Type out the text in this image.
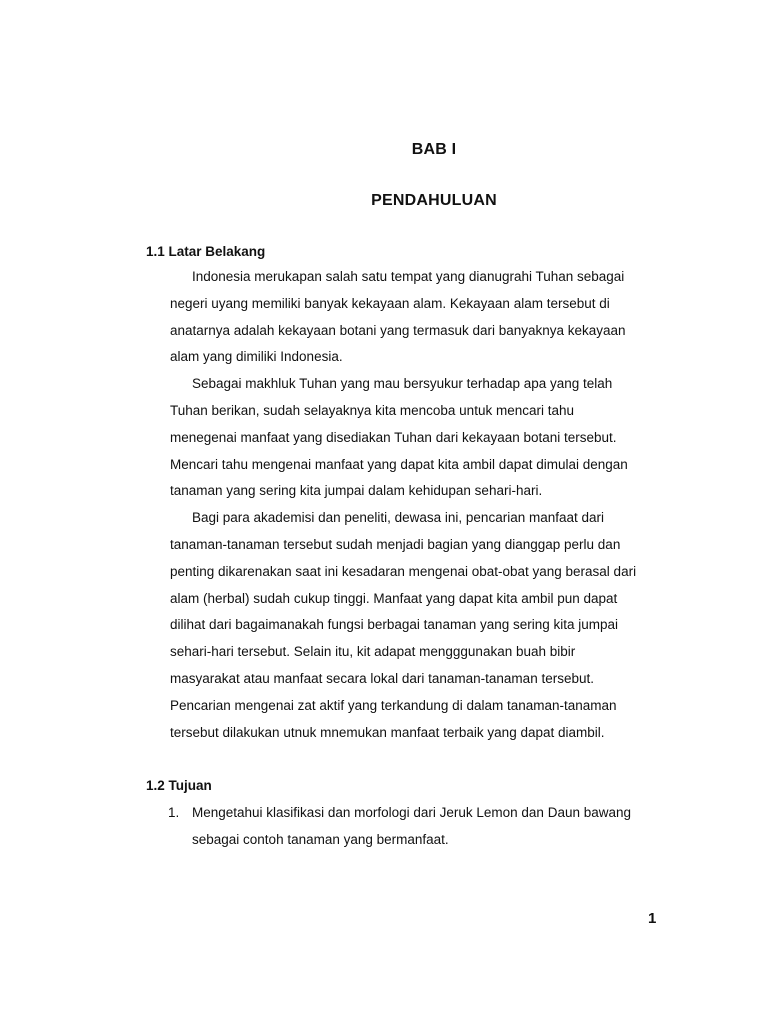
BAB I
PENDAHULUAN
1.1 Latar Belakang

Indonesia merukapan salah satu tempat yang dianugrahi Tuhan sebagai
negeri uyang memiliki banyak kekayaan alam. Kekayaan alam tersebut di
anatarnya adalah kekayaan botani yang termasuk dari banyaknya kekayaan
alam yang dimiliki Indonesia.

Sebagai makhluk Tuhan yang mau bersyukur terhadap apa yang telah
Tuhan berikan, sudah selayaknya kita mencoba untuk mencari tahu
menegenai manfaat yang disediakan Tuhan dari kekayaan botani tersebut.
Mencari tahu mengenai manfaat yang dapat kita ambil dapat dimulai dengan
tanaman yang sering kita jumpai dalam kehidupan sehari-hari.

Bagi para akademisi dan peneliti, dewasa ini, pencarian manfaat dari
tanaman-tanaman tersebut sudah menjadi bagian yang dianggap perlu dan
penting dikarenakan saat ini kesadaran mengenai obat-obat yang berasal dari
alam (herbal) sudah cukup tinggi. Manfaat yang dapat kita ambil pun dapat
dilihat dari bagaimanakah fungsi berbagai tanaman yang sering kita jumpai
sehari-hari tersebut. Selain itu, kit adapat mengggunakan buah bibir
masyarakat atau manfaat secara lokal dari tanaman-tanaman tersebut.
Pencarian mengenai zat aktif yang terkandung di dalam tanaman-tanaman
tersebut dilakukan utnuk mnemukan manfaat terbaik yang dapat diambil.

1.2 Tujuan
1. Mengetahui klasifikasi dan morfologi dari Jeruk Lemon dan Daun bawang
sebagai contoh tanaman yang bermanfaat.
1
